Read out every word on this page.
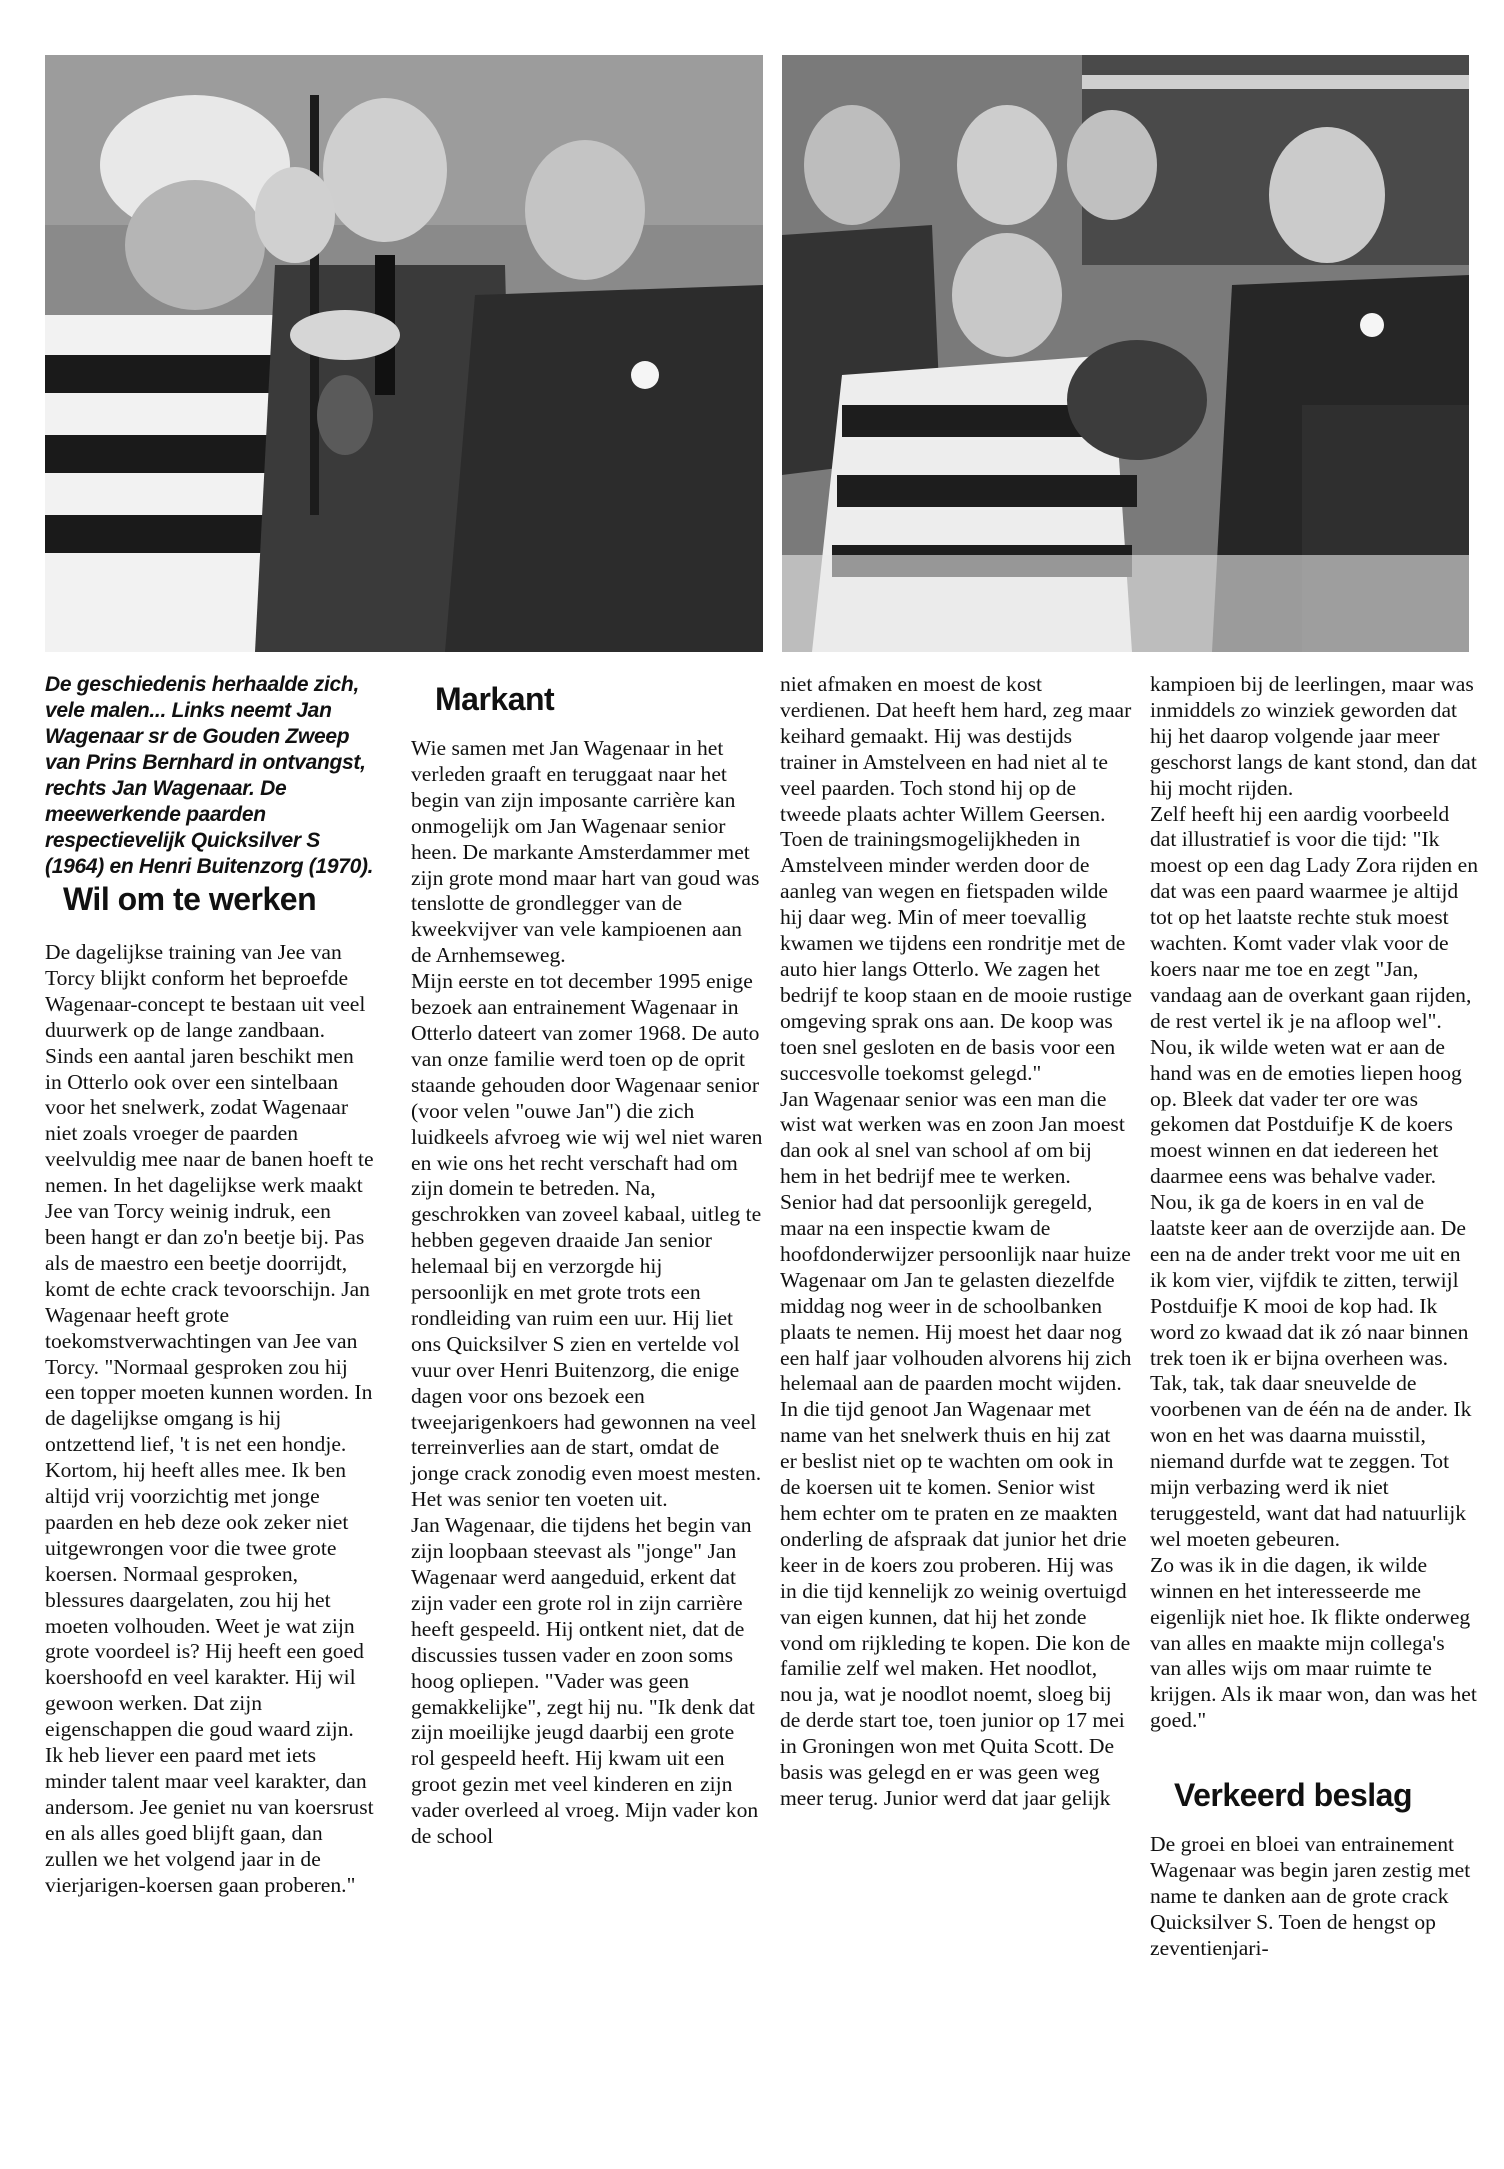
De geschiedenis herhaalde zich, vele malen... Links neemt Jan Wagenaar sr de Gouden Zweep van Prins Bernhard in ontvangst, rechts Jan Wagenaar. De meewerkende paarden respectievelijk Quicksilver S (1964) en Henri Buitenzorg (1970).

Wil om te werken

De dagelijkse training van Jee van Torcy blijkt conform het beproefde Wagenaar-concept te bestaan uit veel duurwerk op de lange zandbaan. Sinds een aantal jaren beschikt men in Otterlo ook over een sintelbaan voor het snelwerk, zodat Wagenaar niet zoals vroeger de paarden veelvuldig mee naar de banen hoeft te nemen. In het dagelijkse werk maakt Jee van Torcy weinig indruk, een been hangt er dan zo'n beetje bij. Pas als de maestro een beetje doorrijdt, komt de echte crack tevoorschijn. Jan Wagenaar heeft grote toekomstverwachtingen van Jee van Torcy. "Normaal gesproken zou hij een topper moeten kunnen worden. In de dagelijkse omgang is hij ontzettend lief, 't is net een hondje. Kortom, hij heeft alles mee. Ik ben altijd vrij voorzichtig met jonge paarden en heb deze ook zeker niet uitgewrongen voor die twee grote koersen. Normaal gesproken, blessures daargelaten, zou hij het moeten volhouden. Weet je wat zijn grote voordeel is? Hij heeft een goed koershoofd en veel karakter. Hij wil gewoon werken. Dat zijn eigenschappen die goud waard zijn. Ik heb liever een paard met iets minder talent maar veel karakter, dan andersom. Jee geniet nu van koersrust en als alles goed blijft gaan, dan zullen we het volgend jaar in de vierjarigen-koersen gaan proberen."

Markant

Wie samen met Jan Wagenaar in het verleden graaft en teruggaat naar het begin van zijn imposante carrière kan onmogelijk om Jan Wagenaar senior heen. De markante Amsterdammer met zijn grote mond maar hart van goud was tenslotte de grondlegger van de kweekvijver van vele kampioenen aan de Arnhemseweg.

Mijn eerste en tot december 1995 enige bezoek aan entrainement Wagenaar in Otterlo dateert van zomer 1968. De auto van onze familie werd toen op de oprit staande gehouden door Wagenaar senior (voor velen "ouwe Jan") die zich luidkeels afvroeg wie wij wel niet waren en wie ons het recht verschaft had om zijn domein te betreden. Na, geschrokken van zoveel kabaal, uitleg te hebben gegeven draaide Jan senior helemaal bij en verzorgde hij persoonlijk en met grote trots een rondleiding van ruim een uur. Hij liet ons Quicksilver S zien en vertelde vol vuur over Henri Buitenzorg, die enige dagen voor ons bezoek een tweejarigenkoers had gewonnen na veel terreinverlies aan de start, omdat de jonge crack zonodig even moest mesten. Het was senior ten voeten uit.

Jan Wagenaar, die tijdens het begin van zijn loopbaan steevast als "jonge" Jan Wagenaar werd aangeduid, erkent dat zijn vader een grote rol in zijn carrière heeft gespeeld. Hij ontkent niet, dat de discussies tussen vader en zoon soms hoog opliepen. "Vader was geen gemakkelijke", zegt hij nu. "Ik denk dat zijn moeilijke jeugd daarbij een grote rol gespeeld heeft. Hij kwam uit een groot gezin met veel kinderen en zijn vader overleed al vroeg. Mijn vader kon de school

niet afmaken en moest de kost verdienen. Dat heeft hem hard, zeg maar keihard gemaakt. Hij was destijds trainer in Amstelveen en had niet al te veel paarden. Toch stond hij op de tweede plaats achter Willem Geersen. Toen de trainingsmogelijkheden in Amstelveen minder werden door de aanleg van wegen en fietspaden wilde hij daar weg. Min of meer toevallig kwamen we tijdens een rondritje met de auto hier langs Otterlo. We zagen het bedrijf te koop staan en de mooie rustige omgeving sprak ons aan. De koop was toen snel gesloten en de basis voor een succesvolle toekomst gelegd."

Jan Wagenaar senior was een man die wist wat werken was en zoon Jan moest dan ook al snel van school af om bij hem in het bedrijf mee te werken. Senior had dat persoonlijk geregeld, maar na een inspectie kwam de hoofdonderwijzer persoonlijk naar huize Wagenaar om Jan te gelasten diezelfde middag nog weer in de schoolbanken plaats te nemen. Hij moest het daar nog een half jaar volhouden alvorens hij zich helemaal aan de paarden mocht wijden.

In die tijd genoot Jan Wagenaar met name van het snelwerk thuis en hij zat er beslist niet op te wachten om ook in de koersen uit te komen. Senior wist hem echter om te praten en ze maakten onderling de afspraak dat junior het drie keer in de koers zou proberen. Hij was in die tijd kennelijk zo weinig overtuigd van eigen kunnen, dat hij het zonde vond om rijkleding te kopen. Die kon de familie zelf wel maken. Het noodlot, nou ja, wat je noodlot noemt, sloeg bij de derde start toe, toen junior op 17 mei in Groningen won met Quita Scott. De basis was gelegd en er was geen weg meer terug. Junior werd dat jaar gelijk

kampioen bij de leerlingen, maar was inmiddels zo winziek geworden dat hij het daarop volgende jaar meer geschorst langs de kant stond, dan dat hij mocht rijden.

Zelf heeft hij een aardig voorbeeld dat illustratief is voor die tijd: "Ik moest op een dag Lady Zora rijden en dat was een paard waarmee je altijd tot op het laatste rechte stuk moest wachten. Komt vader vlak voor de koers naar me toe en zegt "Jan, vandaag aan de overkant gaan rijden, de rest vertel ik je na afloop wel". Nou, ik wilde weten wat er aan de hand was en de emoties liepen hoog op. Bleek dat vader ter ore was gekomen dat Postduifje K de koers moest winnen en dat iedereen het daarmee eens was behalve vader. Nou, ik ga de koers in en val de laatste keer aan de overzijde aan. De een na de ander trekt voor me uit en ik kom vier, vijfdik te zitten, terwijl Postduifje K mooi de kop had. Ik word zo kwaad dat ik zó naar binnen trek toen ik er bijna overheen was. Tak, tak, tak daar sneuvelde de voorbenen van de één na de ander. Ik won en het was daarna muisstil, niemand durfde wat te zeggen. Tot mijn verbazing werd ik niet teruggesteld, want dat had natuurlijk wel moeten gebeuren.

Zo was ik in die dagen, ik wilde winnen en het interesseerde me eigenlijk niet hoe. Ik flikte onderweg van alles en maakte mijn collega's van alles wijs om maar ruimte te krijgen. Als ik maar won, dan was het goed."

Verkeerd beslag

De groei en bloei van entrainement Wagenaar was begin jaren zestig met name te danken aan de grote crack Quicksilver S. Toen de hengst op zeventienjari-
